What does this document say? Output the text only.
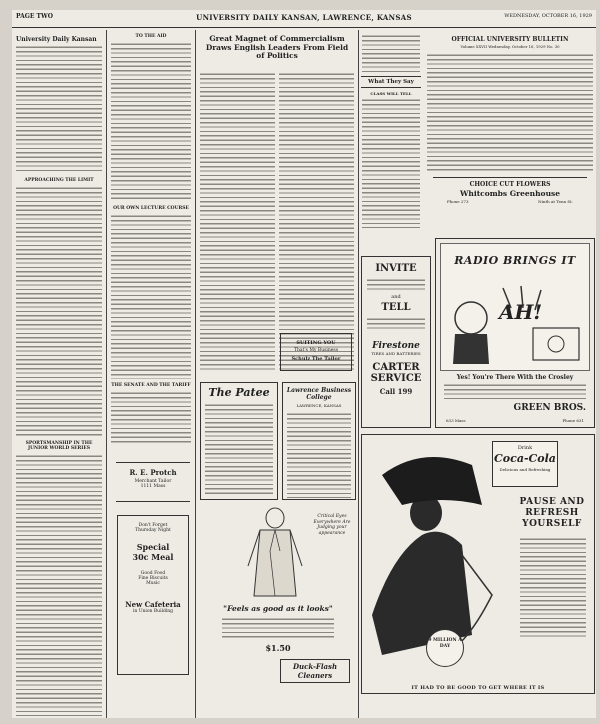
PAGE TWO	UNIVERSITY DAILY KANSAN, LAWRENCE, KANSAS	WEDNESDAY, OCTOBER 16, 1929
University Daily Kansan
APPROACHING THE LIMIT
SPORTSMANSHIP IN THE JUNIOR WORLD SERIES
TO THE AID
OUR OWN LECTURE COURSE
THE SENATE AND THE TARIFF
R. E. Protch
Merchant Tailor
1111 Mass
Don't Forget
Thursday Night
Special
30c Meal
Good Food
Fine Biscuits
Music
New Cafeteria
in Union Building
Great Magnet of Commercialism Draws English Leaders From Field of Politics
SUITING YOU
That's My Business
Schulz The Tailor
The Patee	Lawrence Business College
LAWRENCE, KANSAS
Critical Eyes Everywhere Are Judging your appearance
"Feels as good as it looks"
$1.50
Duck-Flash Cleaners
What They Say
CLASS WILL TELL
OFFICIAL UNIVERSITY BULLETIN
Volume XXVII Wednesday, October 16, 1929 No. 30
CHOICE CUT FLOWERS
Whitcombs Greenhouse
Phone 273	Ninth at Tenn St.
INVITE
and
TELL
Firestone
TIRES AND BATTERIES
CARTER
SERVICE
Call 199
RADIO BRINGS IT
AH!
Yes! You're There With the Crosley
GREEN BROS.
633 Mass	Phone 631
Drink
Coca-Cola
Delicious and Refreshing
PAUSE AND
REFRESH
YOURSELF
9 MILLION A DAY
IT HAD TO BE GOOD TO GET WHERE IT IS
